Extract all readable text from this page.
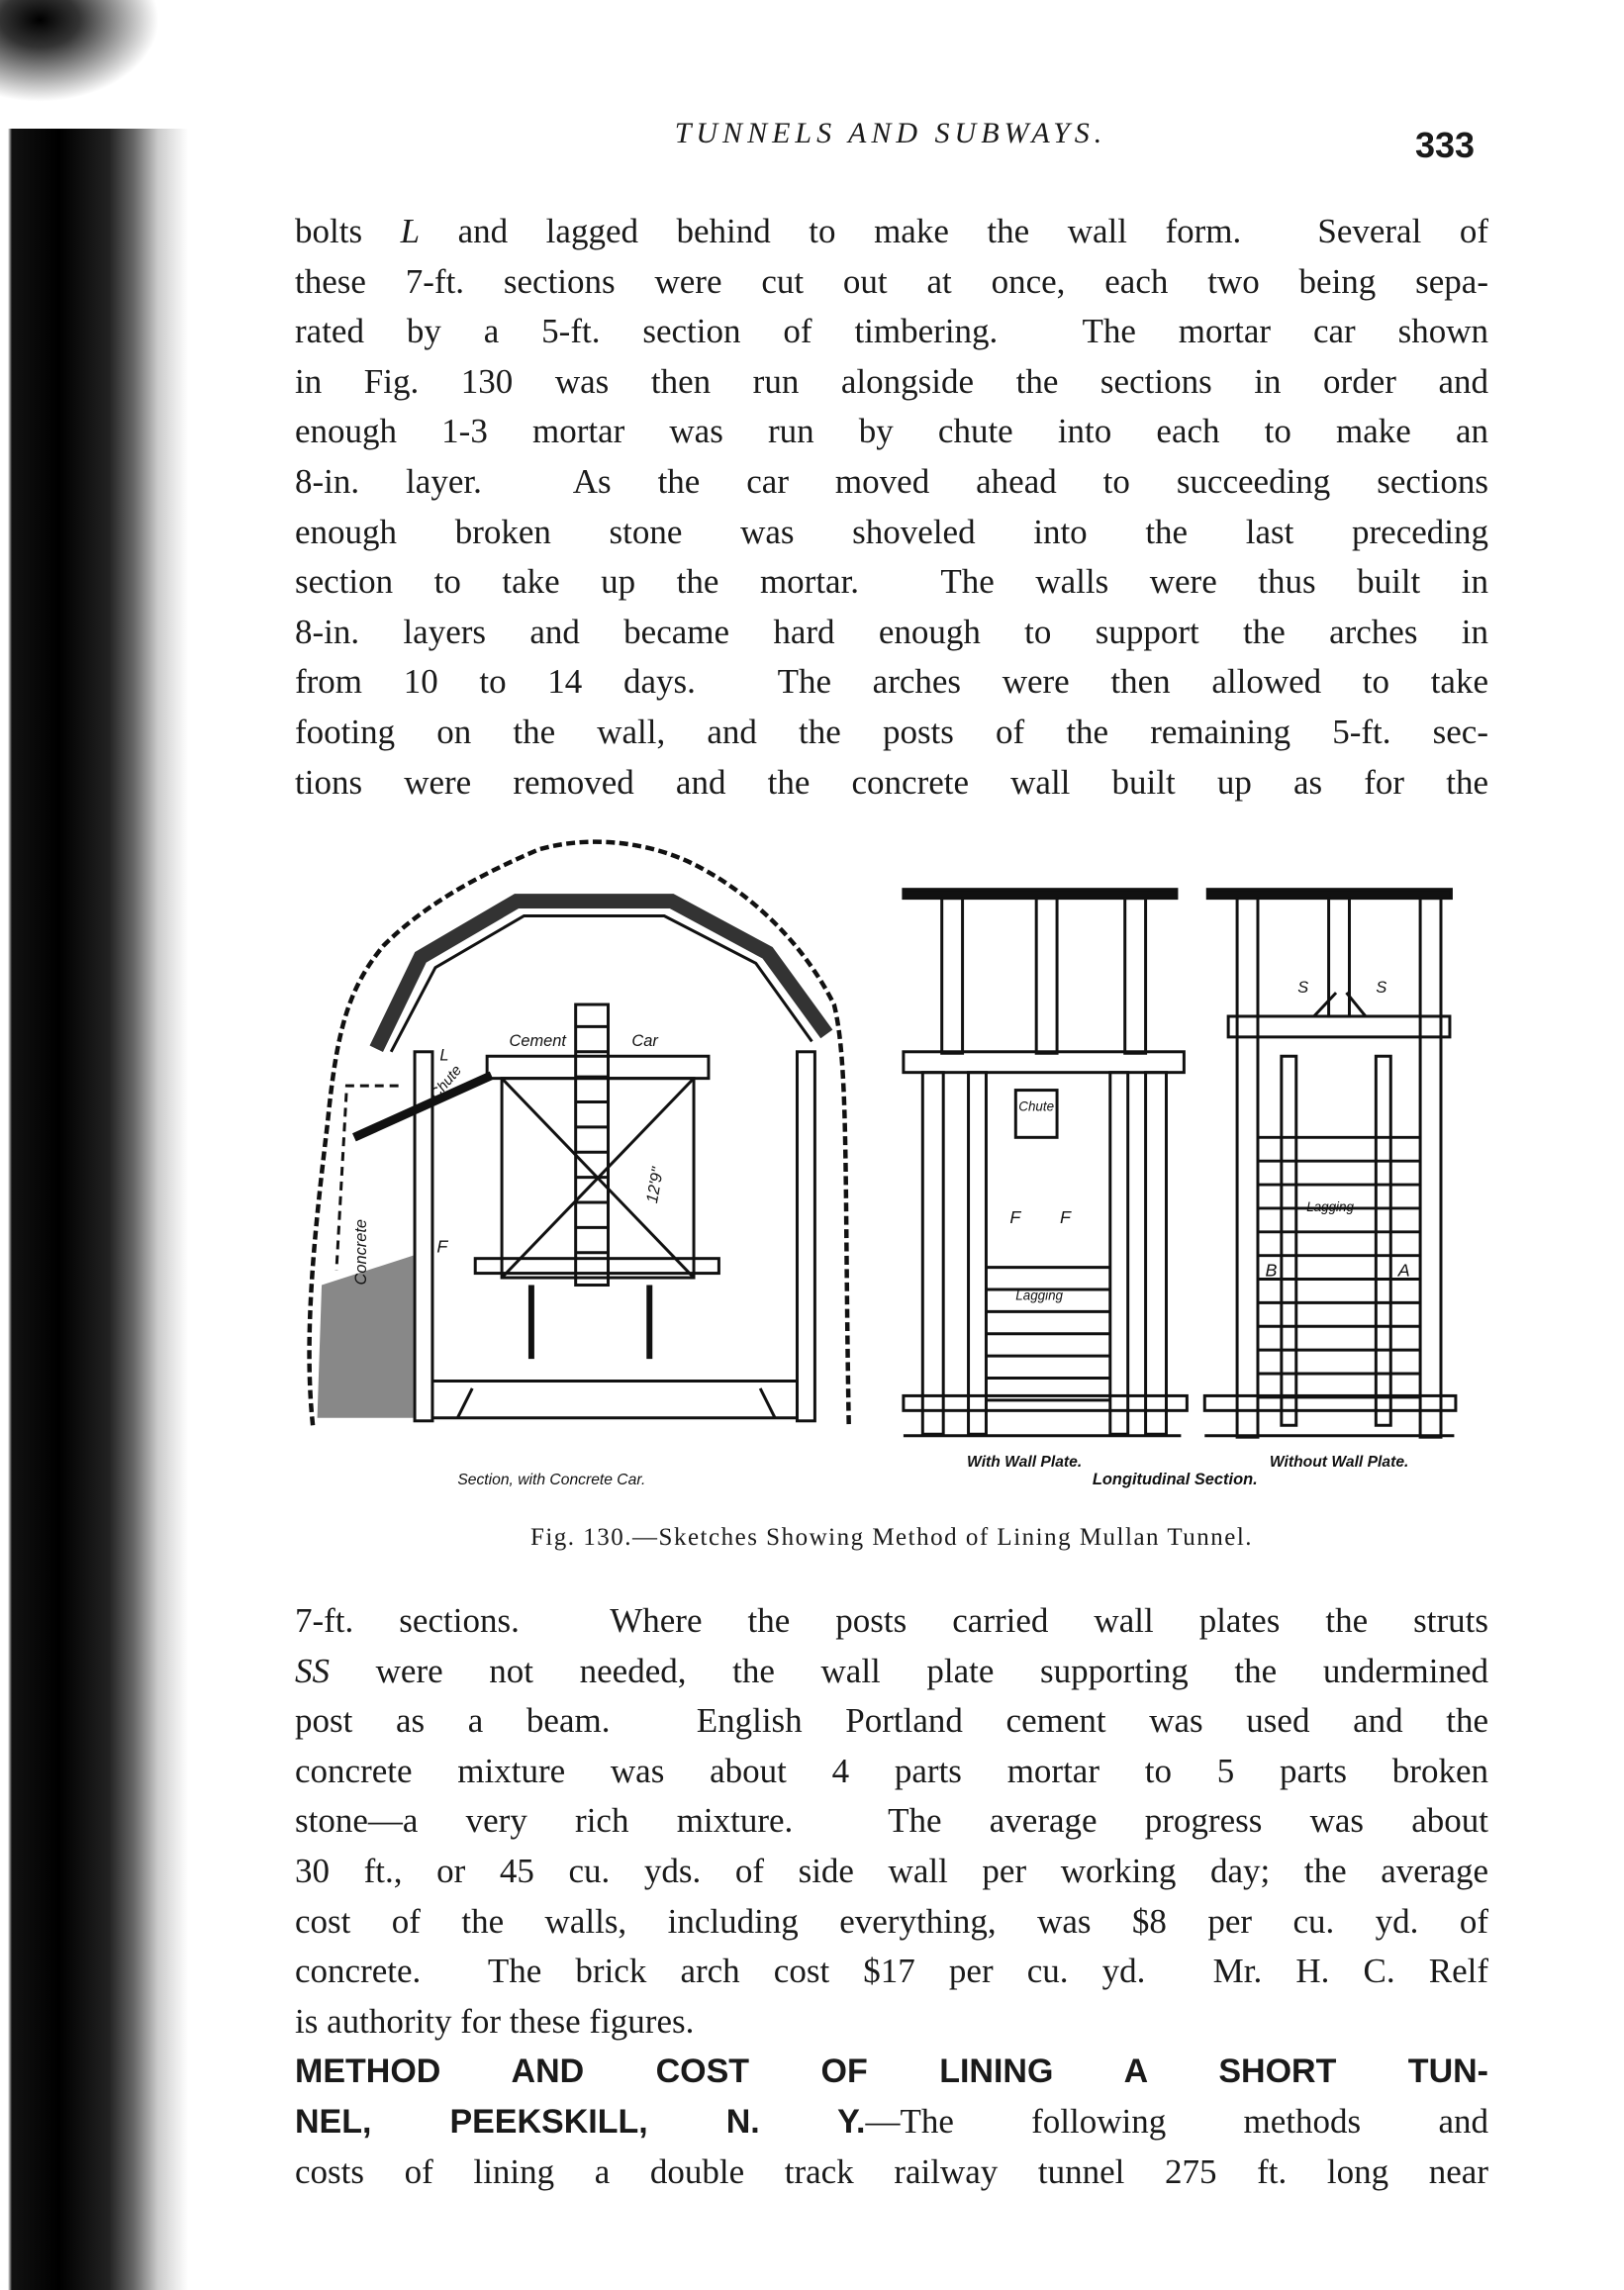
TUNNELS AND SUBWAYS.	333
bolts L and lagged behind to make the wall form.  Several of
these 7-ft. sections were cut out at once, each two being sepa-
rated by a 5-ft. section of timbering.  The mortar car shown
in Fig. 130 was then run alongside the sections in order and
enough 1-3 mortar was run by chute into each to make an
8-in. layer.  As the car moved ahead to succeeding sections
enough broken stone was shoveled into the last preceding
section to take up the mortar.  The walls were thus built in
8-in. layers and became hard enough to support the arches in
from 10 to 14 days.  The arches were then allowed to take
footing on the wall, and the posts of the remaining 5-ft. sec-
tions were removed and the concrete wall built up as for the
Cement	Car
Chute
L
F
Concrete
12'9"
Chute
F	F
Lagging
Lagging
B	A
S	S
With Wall Plate.	Without Wall Plate.
Longitudinal Section.
Section, with Concrete Car.
Fig. 130.—Sketches Showing Method of Lining Mullan Tunnel.
7-ft. sections.  Where the posts carried wall plates the struts
SS were not needed, the wall plate supporting the undermined
post as a beam.  English Portland cement was used and the
concrete mixture was about 4 parts mortar to 5 parts broken
stone—a very rich mixture.  The average progress was about
30 ft., or 45 cu. yds. of side wall per working day; the average
cost of the walls, including everything, was $8 per cu. yd. of
concrete.  The brick arch cost $17 per cu. yd.  Mr. H. C. Relf
is authority for these figures.
METHOD AND COST OF LINING A SHORT TUN-
NEL, PEEKSKILL, N. Y.—The following methods and
costs of lining a double track railway tunnel 275 ft. long near
